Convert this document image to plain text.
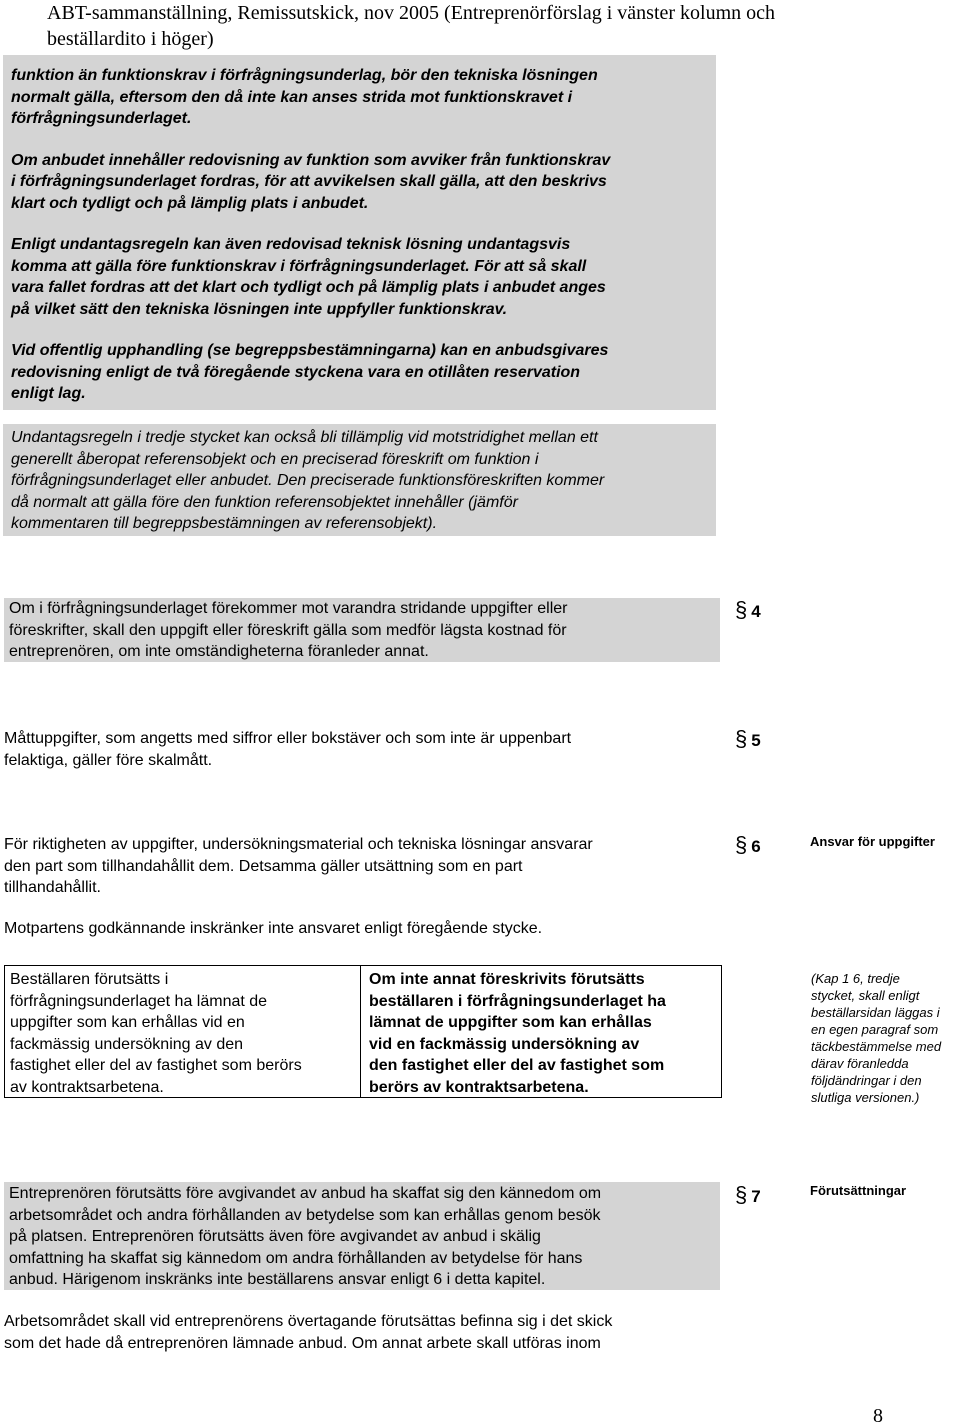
ABT-sammanställning, Remissutskick, nov 2005 (Entreprenörförslag i vänster kolumn och
beställardito i höger)

funktion än funktionskrav i förfrågningsunderlag, bör den tekniska lösningen
normalt gälla, eftersom den då inte kan anses strida mot funktionskravet i
förfrågningsunderlaget.

Om anbudet innehåller redovisning av funktion som avviker från funktionskrav
i förfrågningsunderlaget fordras, för att avvikelsen skall gälla, att den beskrivs
klart och tydligt och på lämplig plats i anbudet.

Enligt undantagsregeln kan även redovisad teknisk lösning undantagsvis
komma att gälla före funktionskrav i förfrågningsunderlaget. För att så skall
vara fallet fordras att det klart och tydligt och på lämplig plats i anbudet anges
på vilket sätt den tekniska lösningen inte uppfyller funktionskrav.

Vid offentlig upphandling (se begreppsbestämningarna) kan en anbudsgivares
redovisning enligt de två föregående styckena vara en otillåten reservation
enligt lag.

Undantagsregeln i tredje stycket kan också bli tillämplig vid motstridighet mellan ett
generellt åberopat referensobjekt och en preciserad föreskrift om funktion i
förfrågningsunderlaget eller anbudet. Den preciserade funktionsföreskriften kommer
då normalt att gälla före den funktion referensobjektet innehåller (jämför
kommentaren till begreppsbestämningen av referensobjekt).

Om i förfrågningsunderlaget förekommer mot varandra stridande uppgifter eller
föreskrifter, skall den uppgift eller föreskrift gälla som medför lägsta kostnad för
entreprenören, om inte omständigheterna föranleder annat.
§ 4
Måttuppgifter, som angetts med siffror eller bokstäver och som inte är uppenbart
felaktiga, gäller före skalmått.
§ 5
För riktigheten av uppgifter, undersökningsmaterial och tekniska lösningar ansvarar
den part som tillhandahållit dem. Detsamma gäller utsättning som en part
tillhandahållit.
§ 6	Ansvar för uppgifter
Motpartens godkännande inskränker inte ansvaret enligt föregående stycke.
Beställaren förutsätts i
förfrågningsunderlaget ha lämnat de
uppgifter som kan erhållas vid en
fackmässig undersökning av den
fastighet eller del av fastighet som berörs
av kontraktsarbetena.
Om inte annat föreskrivits förutsätts
beställaren i förfrågningsunderlaget ha
lämnat de uppgifter som kan erhållas
vid en fackmässig undersökning av
den fastighet eller del av fastighet som
berörs av kontraktsarbetena.
(Kap 1 6, tredje
stycket, skall enligt
beställarsidan läggas i
en egen paragraf som
täckbestämmelse med
därav föranledda
följdändringar i den
slutliga versionen.)
Entreprenören förutsätts före avgivandet av anbud ha skaffat sig den kännedom om
arbetsområdet och andra förhållanden av betydelse som kan erhållas genom besök
på platsen. Entreprenören förutsätts även före avgivandet av anbud i skälig
omfattning ha skaffat sig kännedom om andra förhållanden av betydelse för hans
anbud. Härigenom inskränks inte beställarens ansvar enligt 6 i detta kapitel.
§ 7	Förutsättningar
Arbetsområdet skall vid entreprenörens övertagande förutsättas befinna sig i det skick
som det hade då entreprenören lämnade anbud. Om annat arbete skall utföras inom
8
